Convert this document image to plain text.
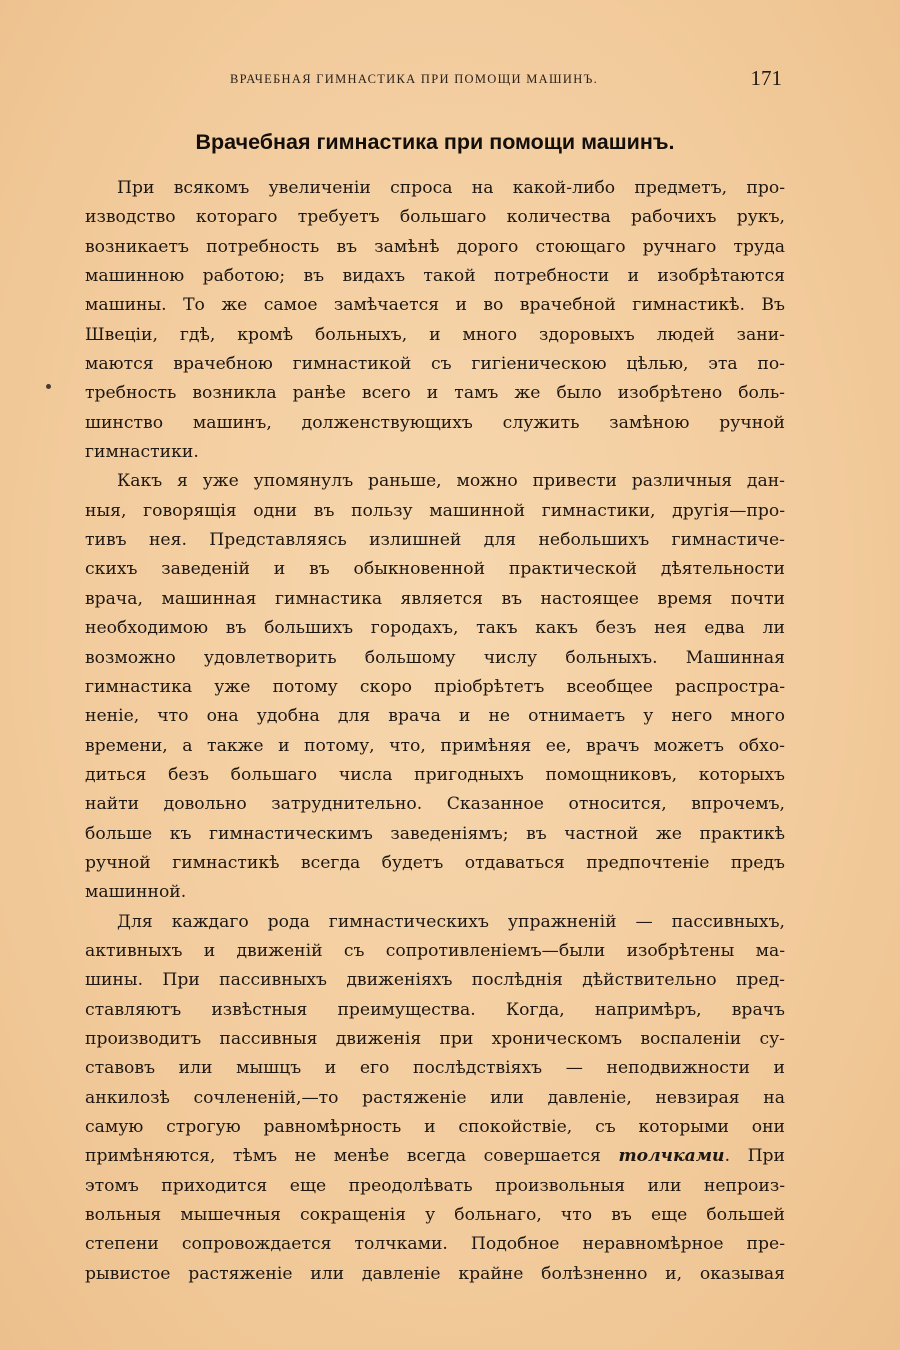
ВРАЧЕБНАЯ ГИМНАСТИКА ПРИ ПОМОЩИ МАШИНЪ.	171
Врачебная гимнастика при помощи машинъ.
При всякомъ увеличенiи спроса на какой-либо предметъ, про-
изводство котораго требуетъ большаго количества рабочихъ рукъ,
возникаетъ потребность въ замѣнѣ дорого стоющаго ручнаго труда
машинною работою; въ видахъ такой потребности и изобрѣтаются
машины. То же самое замѣчается и во врачебной гимнастикѣ. Въ
Швецiи, гдѣ, кромѣ больныхъ, и много здоровыхъ людей зани-
маются врачебною гимнастикой съ гигiеническою цѣлью, эта по-
требность возникла ранѣе всего и тамъ же было изобрѣтено боль-
шинство машинъ, долженствующихъ служить замѣною ручной
гимнастики.
Какъ я уже упомянулъ раньше, можно привести различныя дан-
ныя, говорящiя одни въ пользу машинной гимнастики, другiя—про-
тивъ нея. Представляясь излишней для небольшихъ гимнастиче-
скихъ заведенiй и въ обыкновенной практической дѣятельности
врача, машинная гимнастика является въ настоящее время почти
необходимою въ большихъ городахъ, такъ какъ безъ нея едва ли
возможно удовлетворить большому числу больныхъ. Машинная
гимнастика уже потому скоро прiобрѣтетъ всеобщее распростра-
ненiе, что она удобна для врача и не отнимаетъ у него много
времени, а также и потому, что, примѣняя ее, врачъ можетъ обхо-
диться безъ большаго числа пригодныхъ помощниковъ, которыхъ
найти довольно затруднительно. Сказанное относится, впрочемъ,
больше къ гимнастическимъ заведенiямъ; въ частной же практикѣ
ручной гимнастикѣ всегда будетъ отдаваться предпочтенiе предъ
машинной.
Для каждаго рода гимнастическихъ упражненiй — пассивныхъ,
активныхъ и движенiй съ сопротивленiемъ—были изобрѣтены ма-
шины. При пассивныхъ движенiяхъ послѣднiя дѣйствительно пред-
ставляютъ извѣстныя преимущества. Когда, напримѣръ, врачъ
производитъ пассивныя движенiя при хроническомъ воспаленiи су-
ставовъ или мышцъ и его послѣдствiяхъ — неподвижности и
анкилозѣ сочлененiй,—то растяженiе или давленiе, невзирая на
самую строгую равномѣрность и спокойствiе, съ которыми они
примѣняются, тѣмъ не менѣе всегда совершается толчками. При
этомъ приходится еще преодолѣвать произвольныя или непроиз-
вольныя мышечныя сокращенiя у больнаго, что въ еще большей
степени сопровождается толчками. Подобное неравномѣрное пре-
рывистое растяженiе или давленiе крайне болѣзненно и, оказывая
